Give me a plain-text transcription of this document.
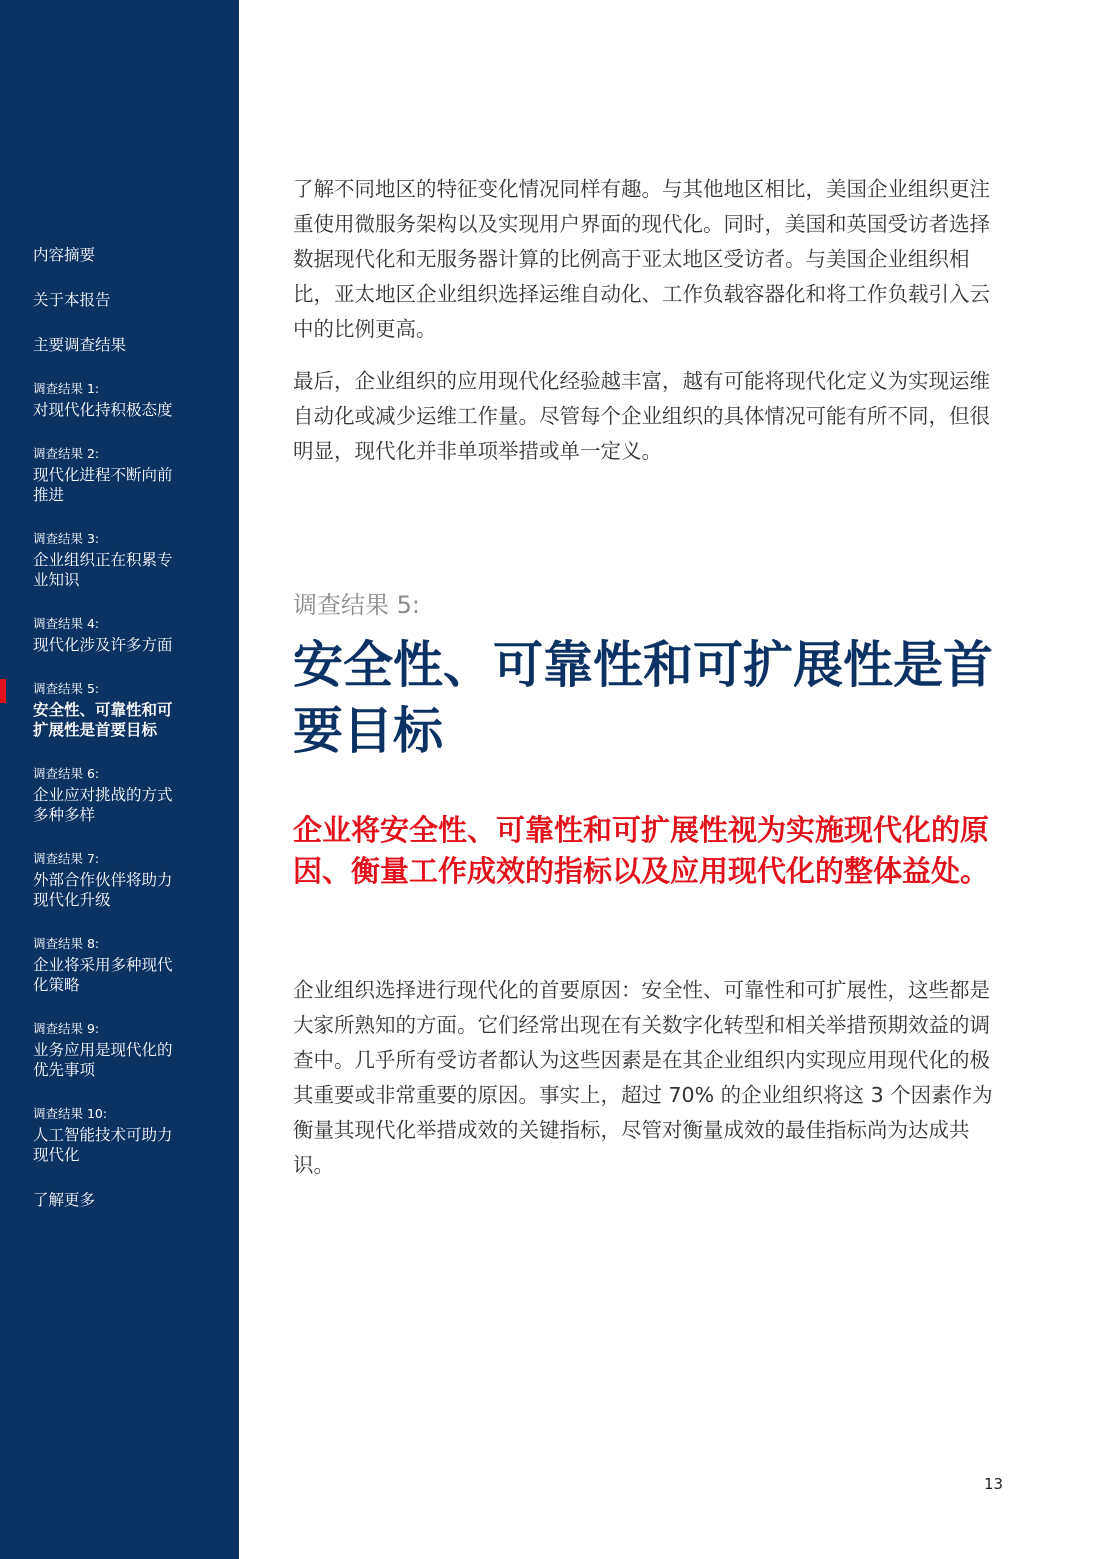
内容摘要
关于本报告
主要调查结果
调查结果 1:
对现代化持积极态度
调查结果 2:
现代化进程不断向前
推进
调查结果 3:
企业组织正在积累专
业知识
调查结果 4:
现代化涉及许多方面
调查结果 5:
安全性、可靠性和可
扩展性是首要目标
调查结果 6:
企业应对挑战的方式
多种多样
调查结果 7:
外部合作伙伴将助力
现代化升级
调查结果 8:
企业将采用多种现代
化策略
调查结果 9:
业务应用是现代化的
优先事项
调查结果 10:
人工智能技术可助力
现代化
了解更多

了解不同地区的特征变化情况同样有趣。与其他地区相比，美国企业组织更注重使用微服务架构以及实现用户界面的现代化。同时，美国和英国受访者选择数据现代化和无服务器计算的比例高于亚太地区受访者。与美国企业组织相比，亚太地区企业组织选择运维自动化、工作负载容器化和将工作负载引入云中的比例更高。

最后，企业组织的应用现代化经验越丰富，越有可能将现代化定义为实现运维自动化或减少运维工作量。尽管每个企业组织的具体情况可能有所不同，但很明显，现代化并非单项举措或单一定义。

调查结果 5:
安全性、可靠性和可扩展性是首要目标

企业将安全性、可靠性和可扩展性视为实施现代化的原因、衡量工作成效的指标以及应用现代化的整体益处。

企业组织选择进行现代化的首要原因：安全性、可靠性和可扩展性，这些都是大家所熟知的方面。它们经常出现在有关数字化转型和相关举措预期效益的调查中。几乎所有受访者都认为这些因素是在其企业组织内实现应用现代化的极其重要或非常重要的原因。事实上，超过 70% 的企业组织将这 3 个因素作为衡量其现代化举措成效的关键指标，尽管对衡量成效的最佳指标尚为达成共识。

13
